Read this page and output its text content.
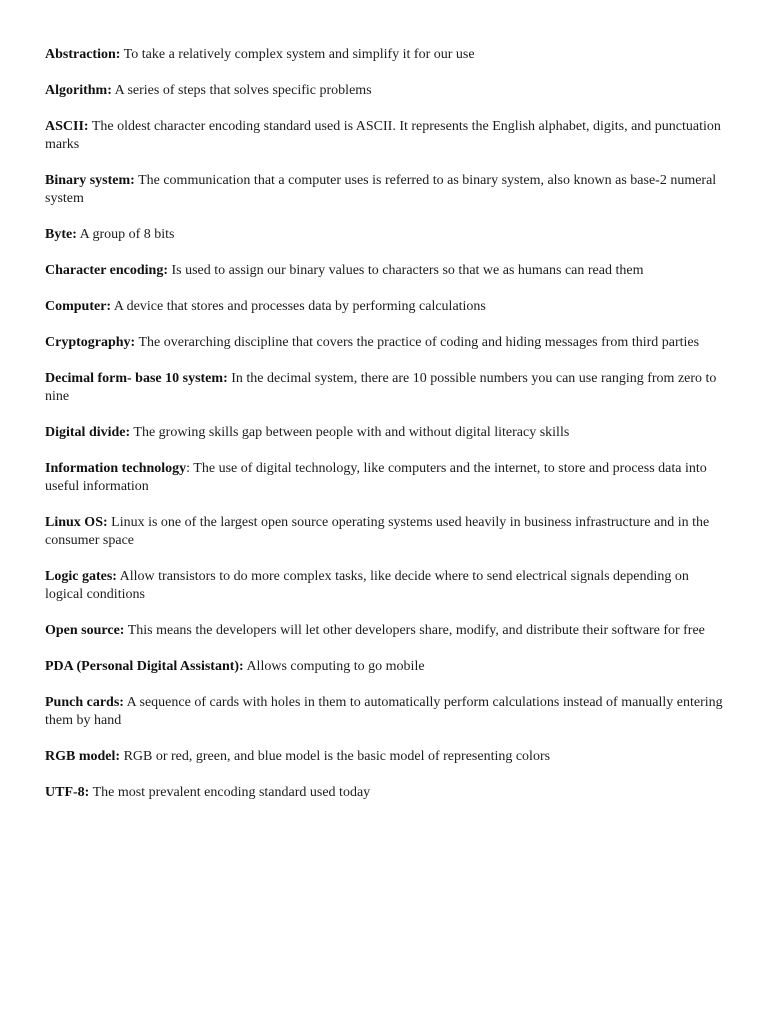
Abstraction: To take a relatively complex system and simplify it for our use

Algorithm: A series of steps that solves specific problems

ASCII: The oldest character encoding standard used is ASCII. It represents the English alphabet, digits, and punctuation marks

Binary system: The communication that a computer uses is referred to as binary system, also known as base-2 numeral system

Byte: A group of 8 bits

Character encoding: Is used to assign our binary values to characters so that we as humans can read them

Computer: A device that stores and processes data by performing calculations

Cryptography: The overarching discipline that covers the practice of coding and hiding messages from third parties

Decimal form- base 10 system: In the decimal system, there are 10 possible numbers you can use ranging from zero to nine

Digital divide: The growing skills gap between people with and without digital literacy skills

Information technology: The use of digital technology, like computers and the internet, to store and process data into useful information

Linux OS: Linux is one of the largest open source operating systems used heavily in business infrastructure and in the consumer space

Logic gates: Allow transistors to do more complex tasks, like decide where to send electrical signals depending on logical conditions

Open source: This means the developers will let other developers share, modify, and distribute their software for free

PDA (Personal Digital Assistant): Allows computing to go mobile

Punch cards: A sequence of cards with holes in them to automatically perform calculations instead of manually entering them by hand

RGB model: RGB or red, green, and blue model is the basic model of representing colors

UTF-8: The most prevalent encoding standard used today
